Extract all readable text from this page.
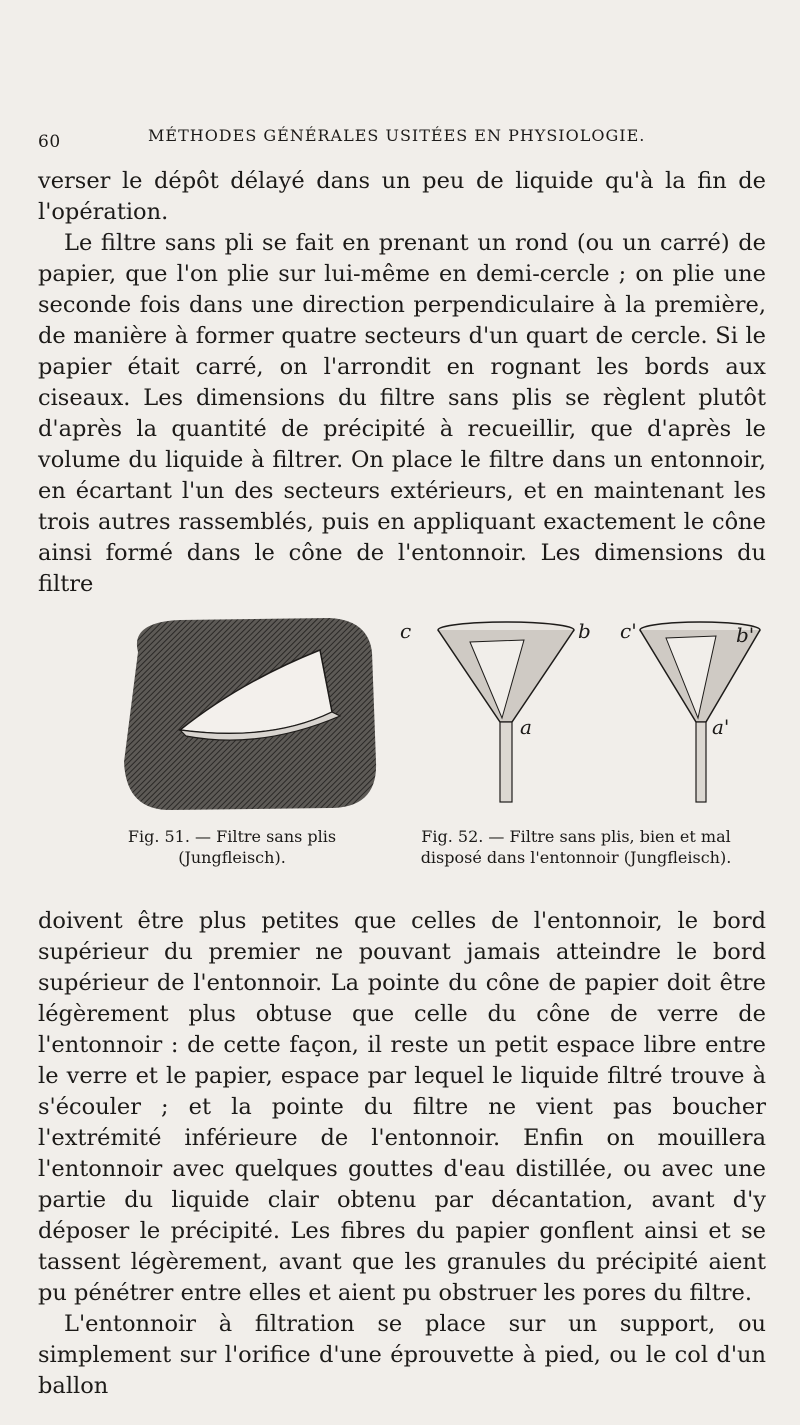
60	MÉTHODES GÉNÉRALES USITÉES EN PHYSIOLOGIE.

verser le dépôt délayé dans un peu de liquide qu'à la fin de l'opération.

Le filtre sans pli se fait en prenant un rond (ou un carré) de papier, que l'on plie sur lui-même en demi-cercle ; on plie une seconde fois dans une direction perpendiculaire à la première, de manière à former quatre secteurs d'un quart de cercle. Si le papier était carré, on l'arrondit en rognant les bords aux ciseaux. Les dimensions du filtre sans plis se règlent plutôt d'après la quantité de précipité à recueillir, que d'après le volume du liquide à filtrer. On place le filtre dans un entonnoir, en écartant l'un des secteurs extérieurs, et en maintenant les trois autres rassemblés, puis en appliquant exactement le cône ainsi formé dans le cône de l'entonnoir. Les dimensions du filtre

c	b
a
c'	b'
a'
Fig. 51. — Filtre sans plis
(Jungfleisch).
Fig. 52. — Filtre sans plis, bien et mal
disposé dans l'entonnoir (Jungfleisch).

doivent être plus petites que celles de l'entonnoir, le bord supérieur du premier ne pouvant jamais atteindre le bord supérieur de l'entonnoir. La pointe du cône de papier doit être légèrement plus obtuse que celle du cône de verre de l'entonnoir : de cette façon, il reste un petit espace libre entre le verre et le papier, espace par lequel le liquide filtré trouve à s'écouler ; et la pointe du filtre ne vient pas boucher l'extrémité inférieure de l'entonnoir. Enfin on mouillera l'entonnoir avec quelques gouttes d'eau distillée, ou avec une partie du liquide clair obtenu par décantation, avant d'y déposer le précipité. Les fibres du papier gonflent ainsi et se tassent légèrement, avant que les granules du précipité aient pu pénétrer entre elles et aient pu obstruer les pores du filtre.

L'entonnoir à filtration se place sur un support, ou simplement sur l'orifice d'une éprouvette à pied, ou le col d'un ballon
